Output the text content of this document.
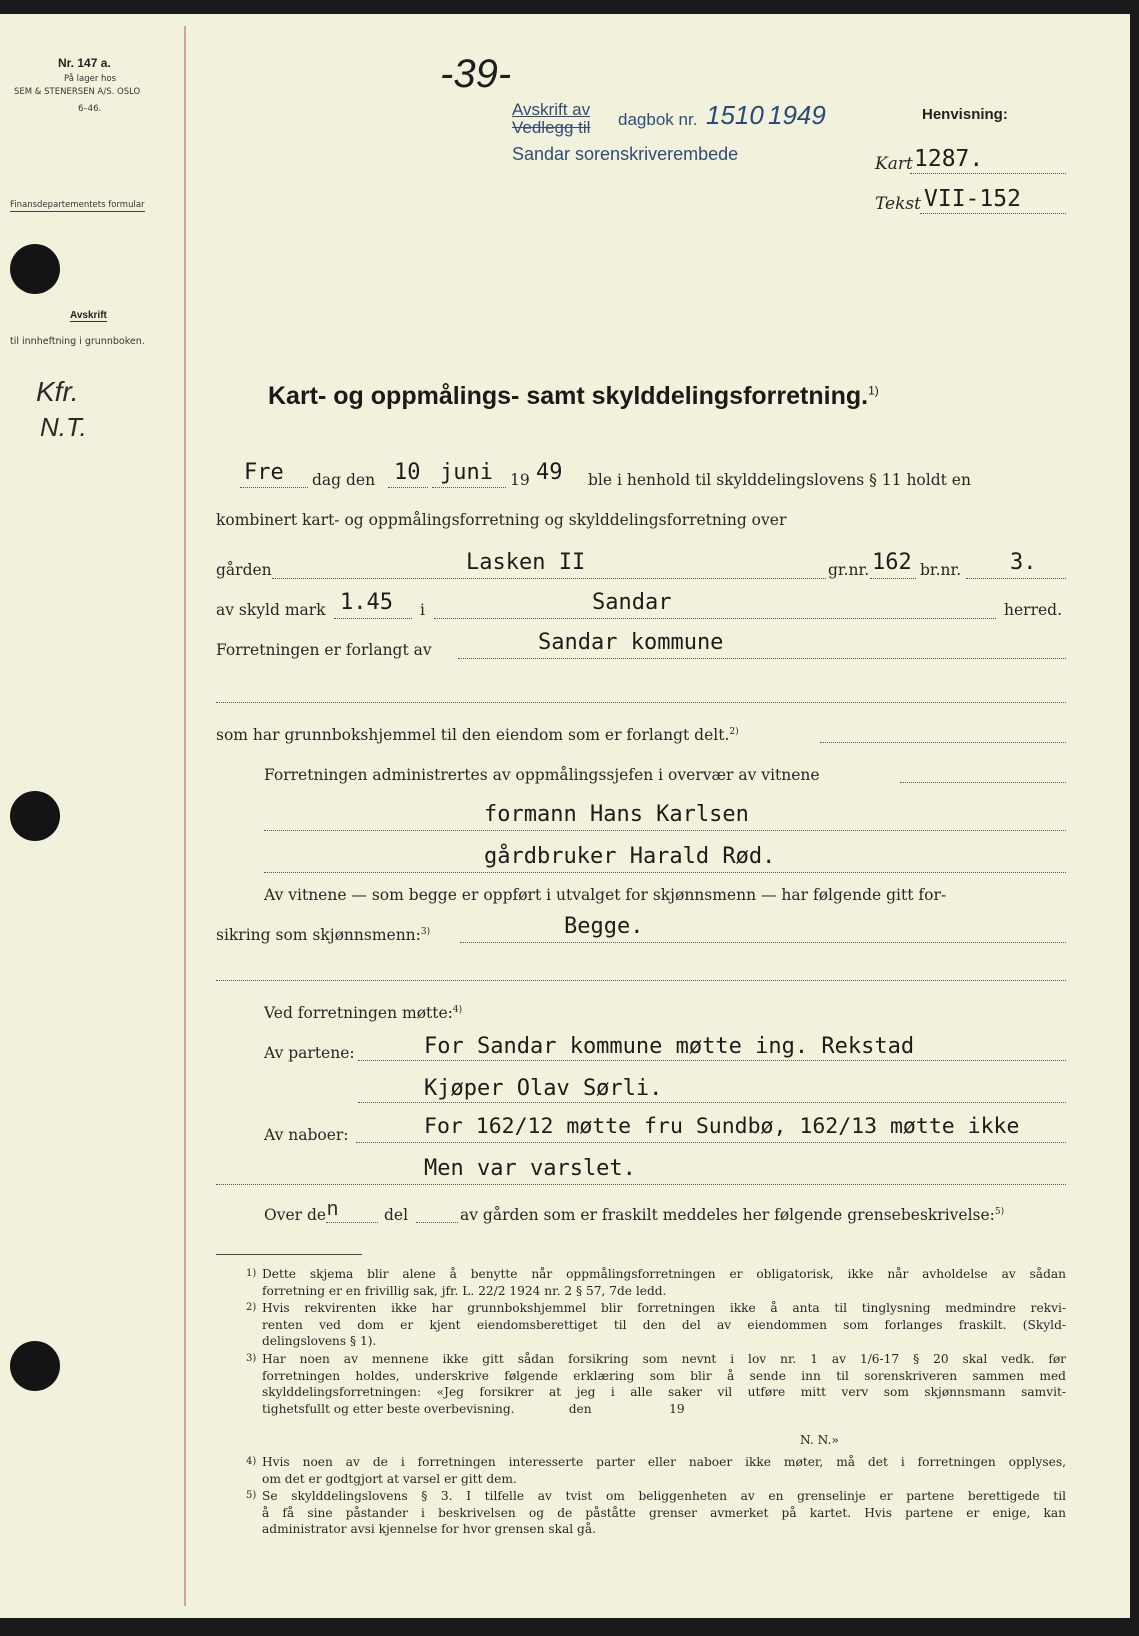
Nr. 147 a.
På lager hos
SEM & STENERSEN A/S. OSLO
6–46.
Finansdepartementets formular
Avskrift
til innheftning i grunnboken.
Kfr.
N.T.
-39-
Avskrift av
Vedlegg til dagbok nr. 1510 1949
Sandar sorenskriverembede
Henvisning:
Kart 1287.
Tekst VII-152
Kart- og oppmålings- samt skylddelingsforretning.$^{1)}$
Fre dag den 10 juni 19 49 ble i henhold til skylddelingslovens § 11 holdt en
kombinert kart- og oppmålingsforretning og skylddelingsforretning over
gården	Lasken II	gr.nr. 162 br.nr. 3.
av skyld mark 1.45 i	Sandar	herred.
Forretningen er forlangt av	Sandar kommune
som har grunnbokshjemmel til den eiendom som er forlangt delt.$^{2)}$
Forretningen administrertes av oppmålingssjefen i overvær av vitnene
formann Hans Karlsen
gårdbruker Harald Rød.
Av vitnene — som begge er oppført i utvalget for skjønnsmenn — har følgende gitt for-
sikring som skjønnsmenn:$^{3)}$	Begge.
Ved forretningen møtte:$^{4)}$
Av partene:	For Sandar kommune møtte ing. Rekstad
Kjøper Olav Sørli.
Av naboer:	For 162/12 møtte fru Sundbø, 162/13 møtte ikke
Men var varslet.
Over de n	del	av gården som er fraskilt meddeles her følgende grensebeskrivelse:$^{5)}$
1) Dette skjema blir alene å benytte når oppmålingsforretningen er obligatorisk, ikke når avholdelse av sådan
forretning er en frivillig sak, jfr. L. 22/2 1924 nr. 2 § 57, 7de ledd.
2) Hvis rekvirenten ikke har grunnbokshjemmel blir forretningen ikke å anta til tinglysning medmindre rekvi-
renten ved dom er kjent eiendomsberettiget til den del av eiendommen som forlanges fraskilt. (Skyld-
delingslovens § 1).
3) Har noen av mennene ikke gitt sådan forsikring som nevnt i lov nr. 1 av 1/6-17 § 20 skal vedk. før
forretningen holdes, underskrive følgende erklæring som blir å sende inn til sorenskriveren sammen med
skylddelingsforretningen: «Jeg forsikrer at jeg i alle saker vil utføre mitt verv som skjønnsmann samvit-
tighetsfullt og etter beste overbevisning.              den                    19
N. N.»
4) Hvis noen av de i forretningen interesserte parter eller naboer ikke møter, må det i forretningen opplyses,
om det er godtgjort at varsel er gitt dem.
5) Se skylddelingslovens § 3. I tilfelle av tvist om beliggenheten av en grenselinje er partene berettigede til
å få sine påstander i beskrivelsen og de påståtte grenser avmerket på kartet. Hvis partene er enige, kan
administrator avsi kjennelse for hvor grensen skal gå.
